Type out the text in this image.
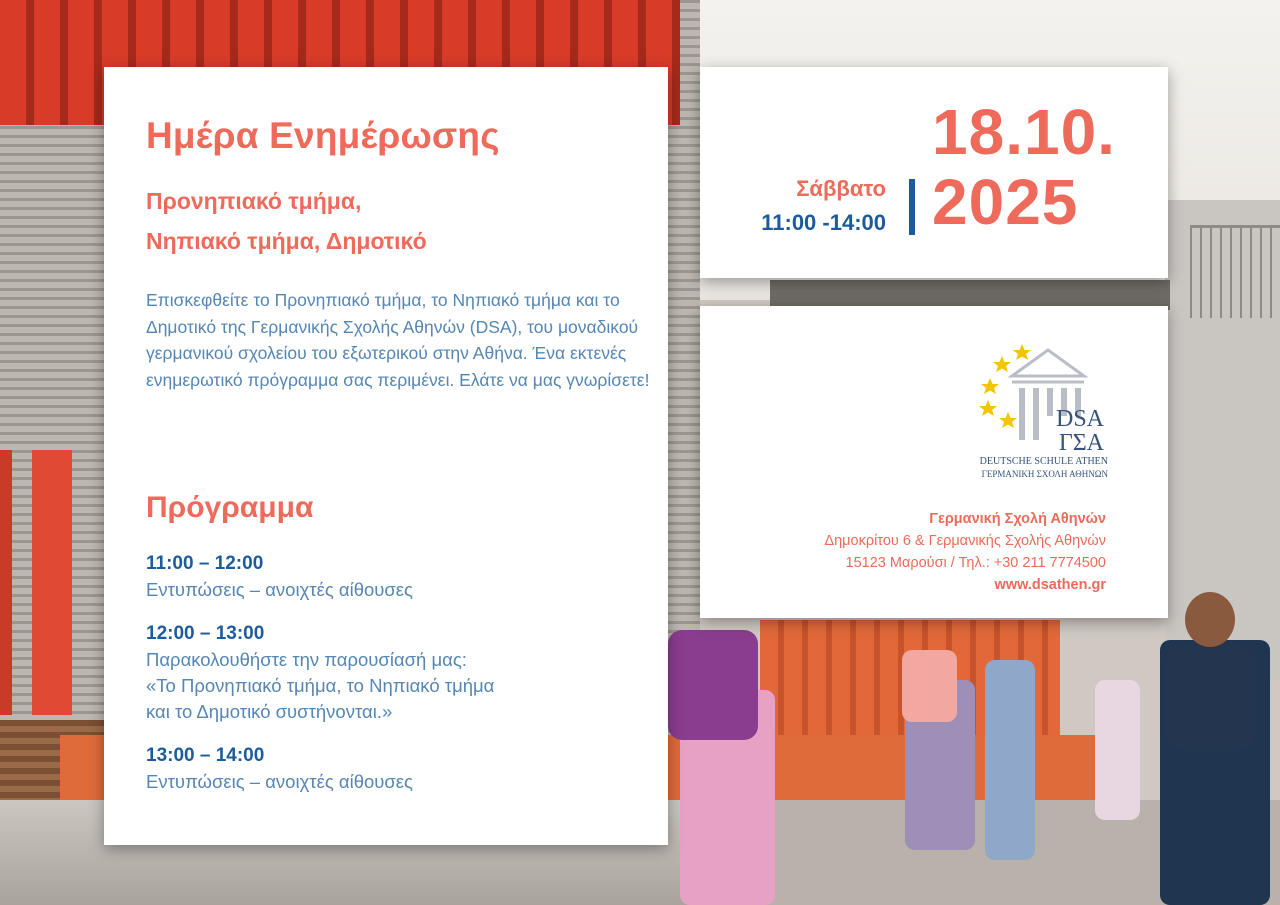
Ημέρα Ενημέρωσης
Προνηπιακό τμήμα,
Νηπιακό τμήμα, Δημοτικό
Επισκεφθείτε το Προνηπιακό τμήμα, το Νηπιακό τμήμα και το Δημοτικό της Γερμανικής Σχολής Αθηνών (DSA), του μοναδικού γερμανικού σχολείου του εξωτερικού στην Αθήνα. Ένα εκτενές ενημερωτικό πρόγραμμα σας περιμένει. Ελάτε να μας γνωρίσετε!
Πρόγραμμα
11:00 – 12:00
Εντυπώσεις – ανοιχτές αίθουσες
12:00 – 13:00
Παρακολουθήστε την παρουσίασή μας:
«Το Προνηπιακό τμήμα, το Νηπιακό τμήμα
και το Δημοτικό συστήνονται.»
13:00 – 14:00
Εντυπώσεις – ανοιχτές αίθουσες
Σάββατο
11:00 -14:00
18.10.
2025
DSA
ΓΣΑ
DEUTSCHE SCHULE ATHEN
ΓΕΡΜΑΝΙΚΗ ΣΧΟΛΗ ΑΘΗΝΩΝ
Γερμανική Σχολή Αθηνών
Δημοκρίτου 6 & Γερμανικής Σχολής Αθηνών
15123 Μαρούσι / Τηλ.: +30 211 7774500
www.dsathen.gr
